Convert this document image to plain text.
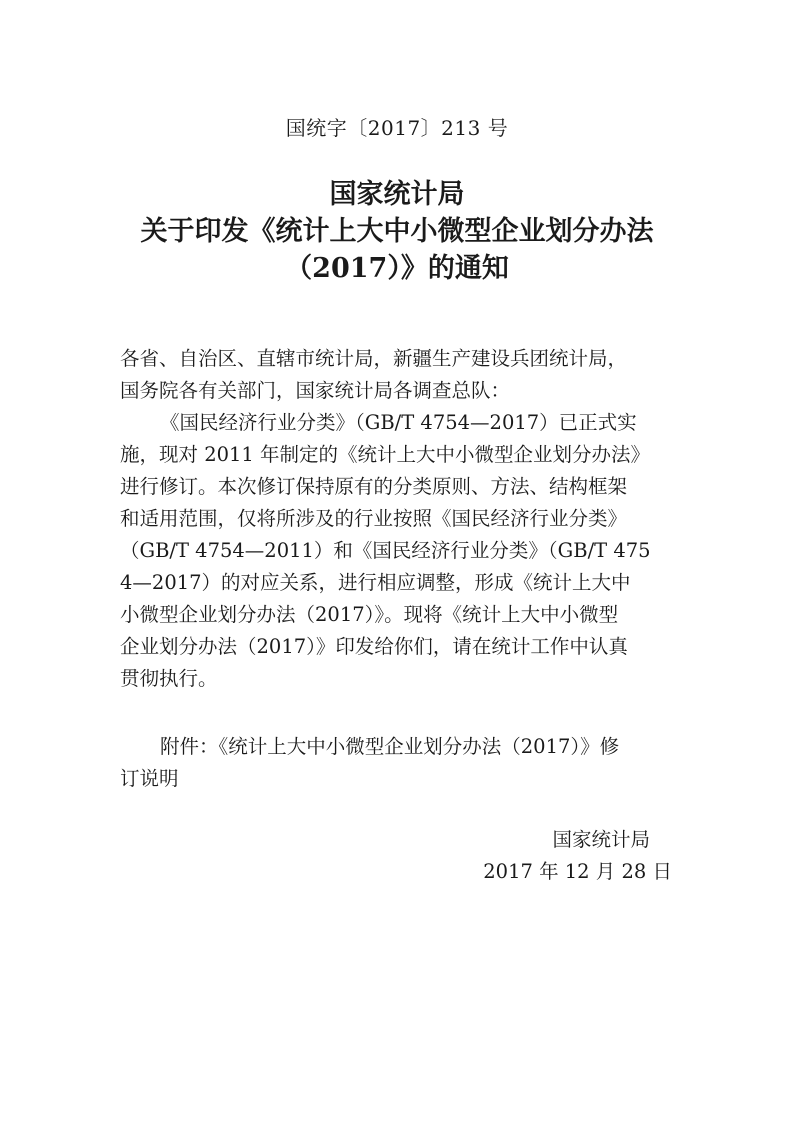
国统字〔2017〕213 号
国家统计局
关于印发《统计上大中小微型企业划分办法
（2017）》的通知
各省、自治区、直辖市统计局，新疆生产建设兵团统计局，
国务院各有关部门，国家统计局各调查总队：
《国民经济行业分类》（GB/T 4754—2017）已正式实
施，现对 2011 年制定的《统计上大中小微型企业划分办法》
进行修订。本次修订保持原有的分类原则、方法、结构框架
和适用范围，仅将所涉及的行业按照《国民经济行业分类》
（GB/T 4754—2011）和《国民经济行业分类》（GB/T 475
4—2017）的对应关系，进行相应调整，形成《统计上大中
小微型企业划分办法（2017）》。现将《统计上大中小微型
企业划分办法（2017）》印发给你们，请在统计工作中认真
贯彻执行。
附件：《统计上大中小微型企业划分办法（2017）》修
订说明
国家统计局
2017 年 12 月 28 日
